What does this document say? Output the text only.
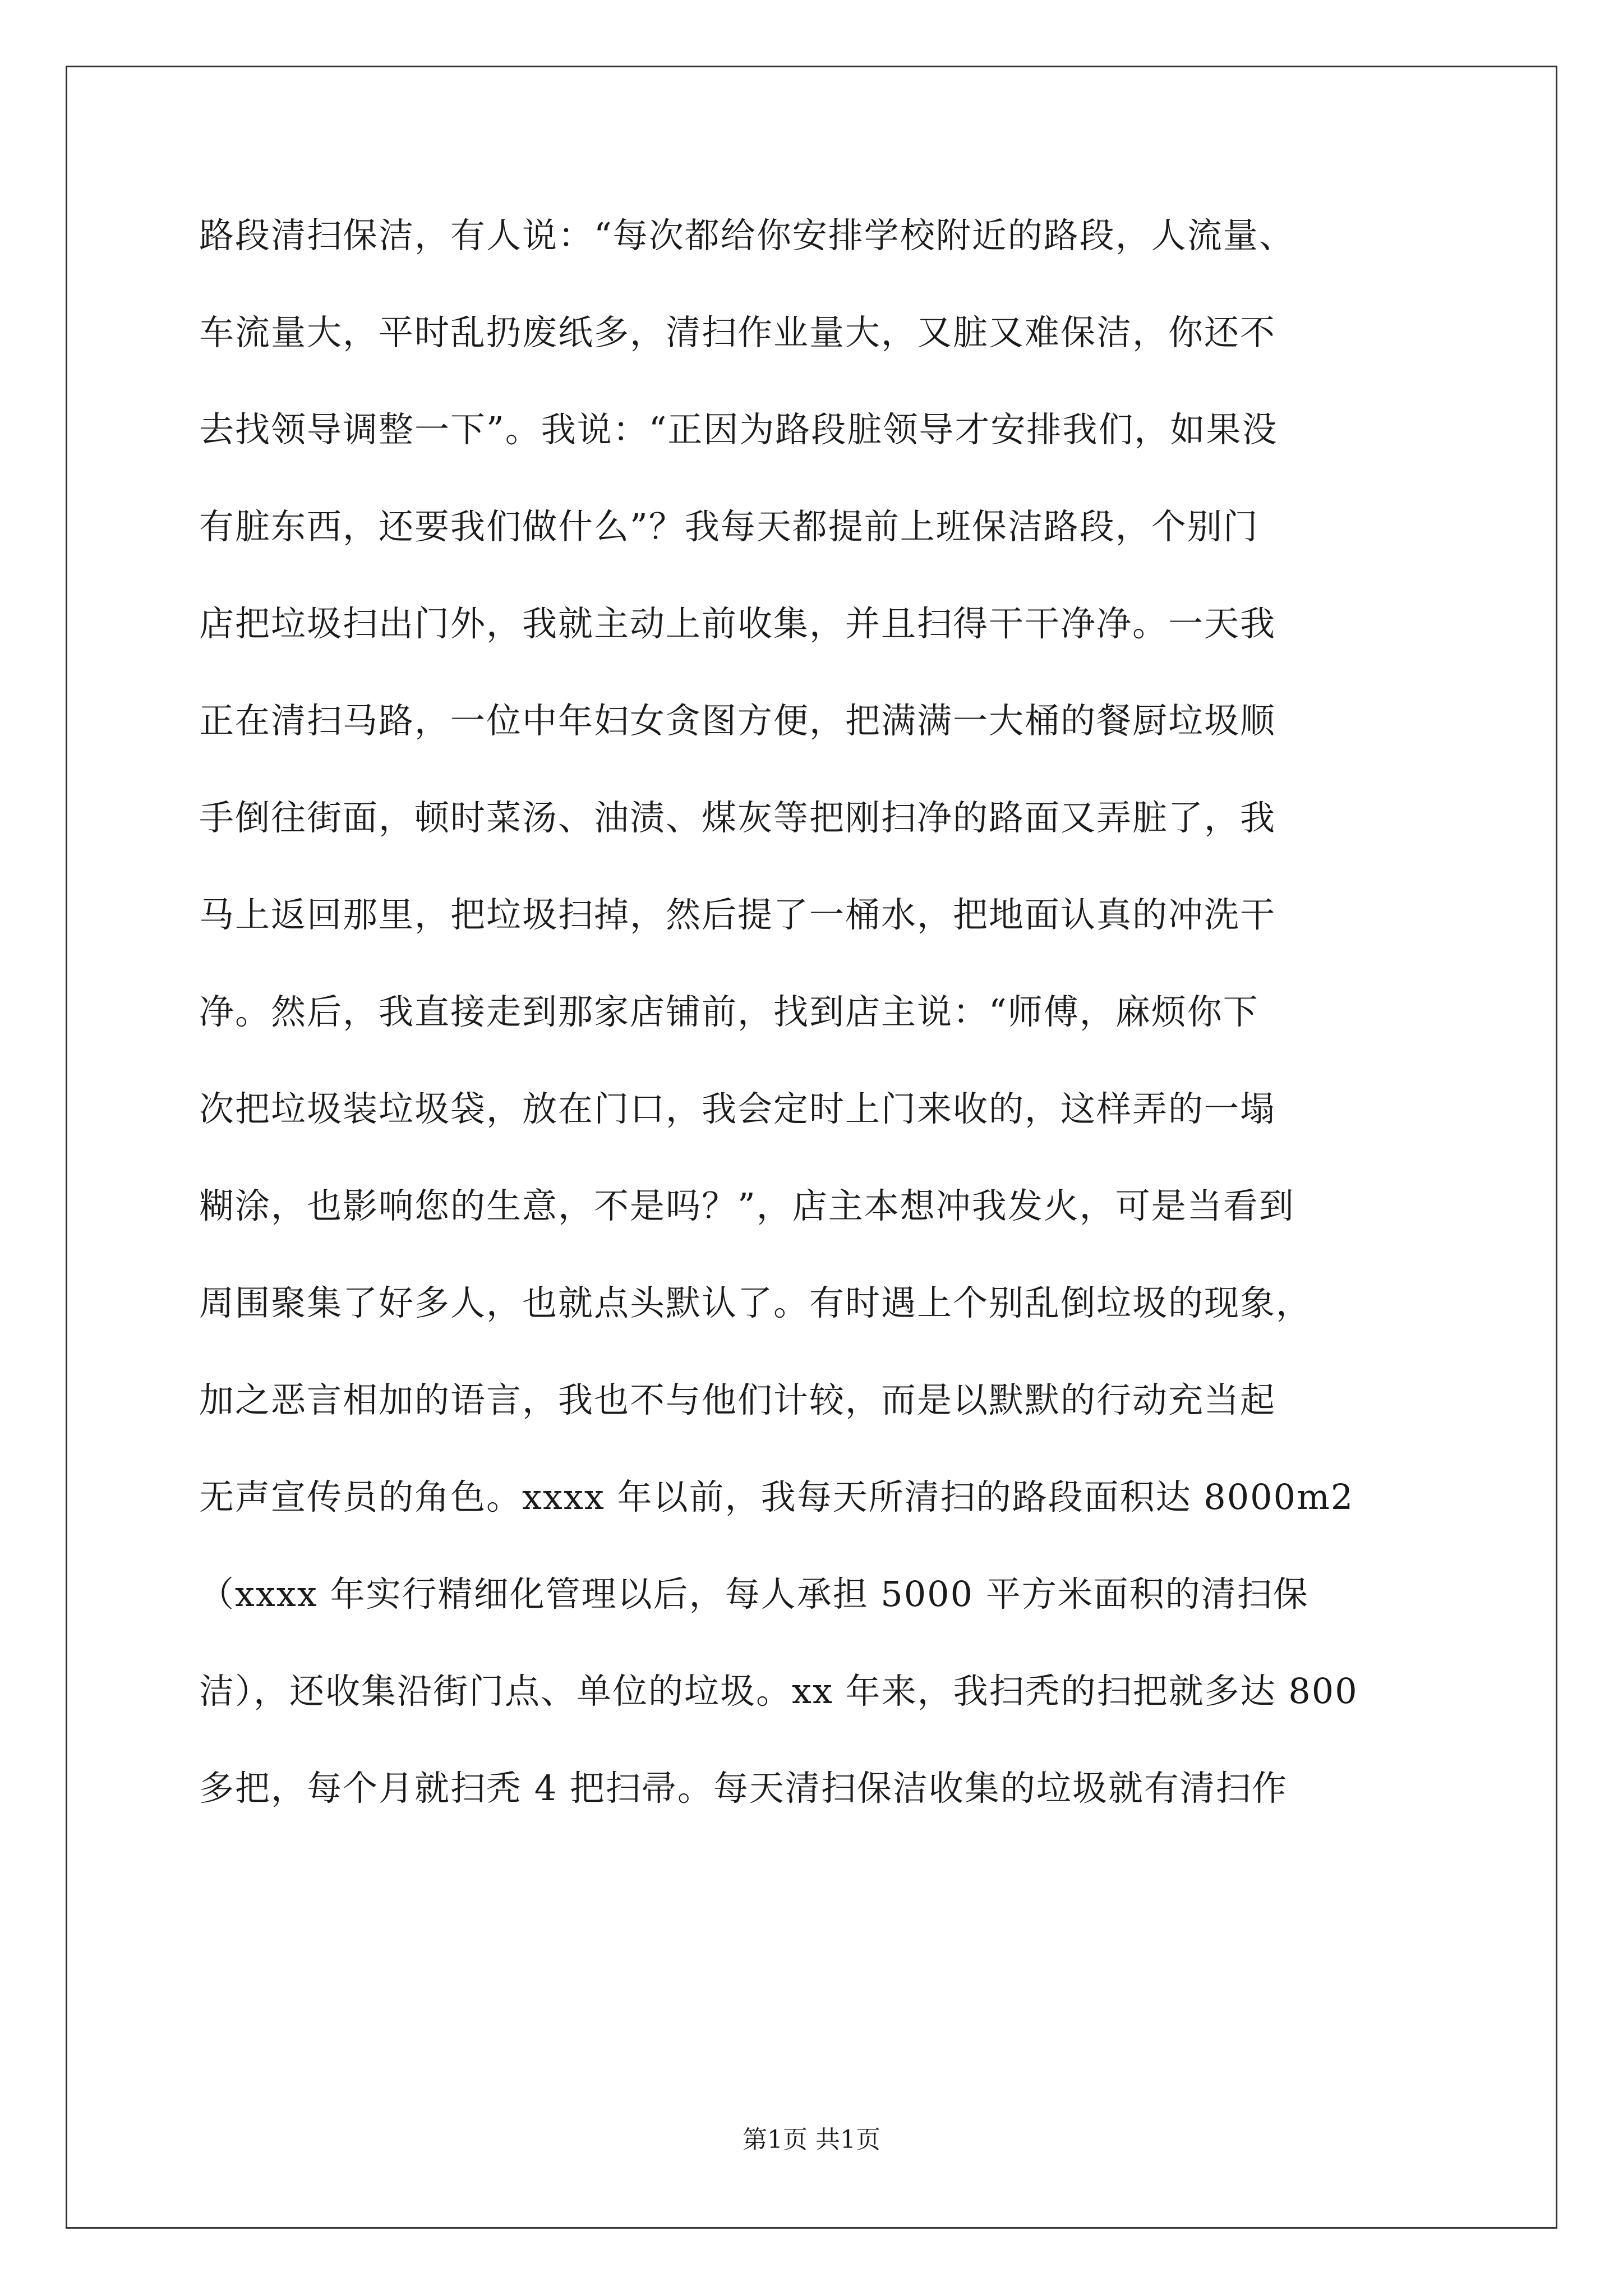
路段清扫保洁，有人说：“每次都给你安排学校附近的路段，人流量、
车流量大，平时乱扔废纸多，清扫作业量大，又脏又难保洁，你还不
去找领导调整一下”。我说：“正因为路段脏领导才安排我们，如果没
有脏东西，还要我们做什么”？我每天都提前上班保洁路段，个别门
店把垃圾扫出门外，我就主动上前收集，并且扫得干干净净。一天我
正在清扫马路，一位中年妇女贪图方便，把满满一大桶的餐厨垃圾顺
手倒往街面，顿时菜汤、油渍、煤灰等把刚扫净的路面又弄脏了，我
马上返回那里，把垃圾扫掉，然后提了一桶水，把地面认真的冲洗干
净。然后，我直接走到那家店铺前，找到店主说：“师傅，麻烦你下
次把垃圾装垃圾袋，放在门口，我会定时上门来收的，这样弄的一塌
糊涂，也影响您的生意，不是吗？”，店主本想冲我发火，可是当看到
周围聚集了好多人，也就点头默认了。有时遇上个别乱倒垃圾的现象，
加之恶言相加的语言，我也不与他们计较，而是以默默的行动充当起
无声宣传员的角色。xxxx 年以前，我每天所清扫的路段面积达 8000m2
（xxxx 年实行精细化管理以后，每人承担 5000 平方米面积的清扫保
洁），还收集沿街门点、单位的垃圾。xx 年来，我扫秃的扫把就多达 800
多把，每个月就扫秃 4 把扫帚。每天清扫保洁收集的垃圾就有清扫作
第1页 共1页
